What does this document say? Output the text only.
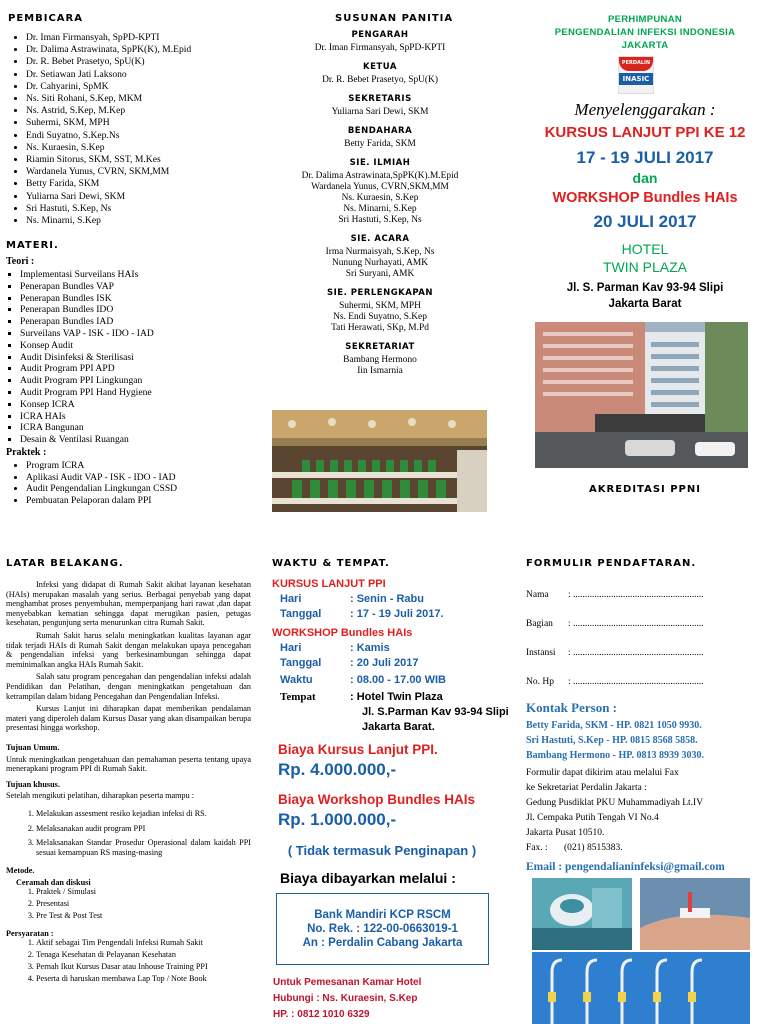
PEMBICARA
• Dr. Iman Firmansyah, SpPD-KPTI
• Dr. Dalima Astrawinata, SpPK(K), M.Epid
• Dr. R. Bebet Prasetyo, SpU(K)
• Dr. Setiawan Jati Laksono
• Dr. Cahyarini, SpMK
• Ns. Siti Rohani, S.Kep, MKM
• Ns. Astrid, S.Kep, M.Kep
• Suhermi, SKM, MPH
• Endi Suyatno, S.Kep.Ns
• Ns. Kuraesin, S.Kep
• Riamin Sitorus, SKM, SST, M.Kes
• Wardanela Yunus, CVRN, SKM,MM
• Betty Farida, SKM
• Yuliarna Sari Dewi, SKM
• Sri Hastuti, S.Kep, Ns
• Ns. Minarni, S.Kep
MATERI.
Teori :
▪ Implementasi Surveilans HAIs
▪ Penerapan Bundles VAP
▪ Penerapan Bundles ISK
▪ Penerapan Bundles IDO
▪ Penerapan Bundles IAD
▪ Surveilans VAP - ISK - IDO - IAD
▪ Konsep Audit
▪ Audit Disinfeksi & Sterilisasi
▪ Audit Program PPI APD
▪ Audit Program PPI Lingkungan
▪ Audit Program PPI Hand Hygiene
▪ Konsep ICRA
▪ ICRA HAIs
▪ ICRA Bangunan
▪ Desain & Ventilasi Ruangan
Praktek :
• Program ICRA
• Aplikasi Audit VAP - ISK - IDO - IAD
• Audit Pengendalian Lingkungan CSSD
• Pembuatan Pelaporan dalam PPI
SUSUNAN PANITIA
PENGARAH
Dr. Iman Firmansyah, SpPD-KPTI
KETUA
Dr. R. Bebet Prasetyo, SpU(K)
SEKRETARIS
Yuliarna Sari Dewi, SKM
BENDAHARA
Betty Farida, SKM
SIE. ILMIAH
Dr. Dalima Astrawinata,SpPK(K).M.Epid
Wardanela Yunus, CVRN,SKM,MM
Ns. Kuraesin, S.Kep
Ns. Minarni, S.Kep
Sri Hastuti, S.Kep, Ns
SIE. ACARA
Irma Nurmaisyah, S.Kep, Ns
Nunung Nurhayati, AMK
Sri Suryani, AMK
SIE. PERLENGKAPAN
Suhermi, SKM, MPH
Ns. Endi Suyatno, S.Kep
Tati Herawati, SKp, M.Pd
SEKRETARIAT
Bambang Hermono
Iin Ismarnia
PERHIMPUNAN
PENGENDALIAN INFEKSI INDONESIA
JAKARTA
PERDALIN
INASIC
Menyelenggarakan :
KURSUS LANJUT PPI KE 12
17 - 19 JULI 2017
dan
WORKSHOP Bundles HAIs
20 JULI 2017
HOTEL
TWIN PLAZA
Jl. S. Parman Kav 93-94 Slipi
Jakarta Barat
AKREDITASI PPNI
LATAR BELAKANG.
Infeksi yang didapat di Rumah Sakit akibat layanan kesehatan (HAIs) merupakan masalah yang serius. Berbagai penyebab yang dapat menghambat proses penyembuhan, memperpanjang hari rawat ,dan dapat menyebabkan kematian sehingga dapat merugikan pasien, petugas kesehatan, pengunjung serta menurunkan citra Rumah Sakit.
Rumah Sakit harus selalu meningkatkan kualitas layanan agar tidak terjadi HAIs di Rumah Sakit dengan melakukan upaya pencegahan & pengendalian infeksi yang berkesinambungan sehingga dapat meminimalkan angka HAIs Rumah Sakit.
Salah satu program pencegahan dan pengendalian infeksi adalah Pendidikan dan Pelatihan, dengan meningkatkan pengetahuan dan ketrampilan dalam bidang Pencegahan dan Pengendalian Infeksi.
Kursus Lanjut ini diharapkan dapat memberikan pendalaman materi yang diperoleh dalam Kursus Dasar yang akan disampaikan berupa presentasi hingga workshop.
Tujuan Umum.
Untuk meningkatkan pengetahuan dan pemahaman peserta tentang upaya menerapkani program PPI di Rumah Sakit.
Tujuan khusus.
Setelah mengikuti pelatihan, diharapkan peserta mampu :
1. Melakukan assesment resiko kejadian infeksi di RS.
2. Melaksanakan audit program PPI
3. Melaksanakan Standar Prosedur Operasional dalam kaidah PPI sesuai kemampuan RS masing-masing
Metode.
Ceramah dan diskusi
1. Praktek / Simulasi
2. Presentasi
3. Pre Test & Post Test
Persyaratan :
1. Aktif sebagai Tim Pengendali Infeksi Rumah Sakit
2. Tenaga Kesehatan di Pelayanan Kesehatan
3. Pernah Ikut Kursus Dasar atau Inhouse Training PPI
4. Peserta di haruskan membawa Lap Top / Note Book
WAKTU & TEMPAT.
KURSUS LANJUT PPI
Hari	: Senin - Rabu
Tanggal	: 17 - 19 Juli 2017.
WORKSHOP Bundles HAIs
Hari	: Kamis
Tanggal	: 20 Juli 2017
Waktu	: 08.00 - 17.00 WIB
Tempat	: Hotel Twin Plaza
Jl. S.Parman Kav 93-94 Slipi
Jakarta Barat.
Biaya Kursus Lanjut PPI.
Rp. 4.000.000,-
Biaya Workshop Bundles HAIs
Rp. 1.000.000,-
( Tidak termasuk Penginapan )
Biaya dibayarkan melalui :
Bank Mandiri KCP RSCM
No. Rek. : 122-00-0663019-1
An : Perdalin Cabang Jakarta
Untuk Pemesanan Kamar Hotel
Hubungi : Ns. Kuraesin, S.Kep
HP. : 0812 1010 6329
FORMULIR PENDAFTARAN.
Nama : .......................................................
Bagian : .......................................................
Instansi : .......................................................
No. Hp : .......................................................
Kontak Person :
Betty Farida, SKM - HP. 0821 1050 9930.
Sri Hastuti, S.Kep - HP. 0815 8568 5858.
Bambang Hermono - HP. 0813 8939 3030.
Formulir dapat dikirim atau melalui Fax
ke Sekretariat Perdalin Jakarta :
Gedung Pusdiklat PKU Muhammadiyah Lt.IV
Jl. Cempaka Putih Tengah VI No.4
Jakarta Pusat 10510.
Fax. : (021) 8515383.
Email : pengendalianinfeksi@gmail.com
